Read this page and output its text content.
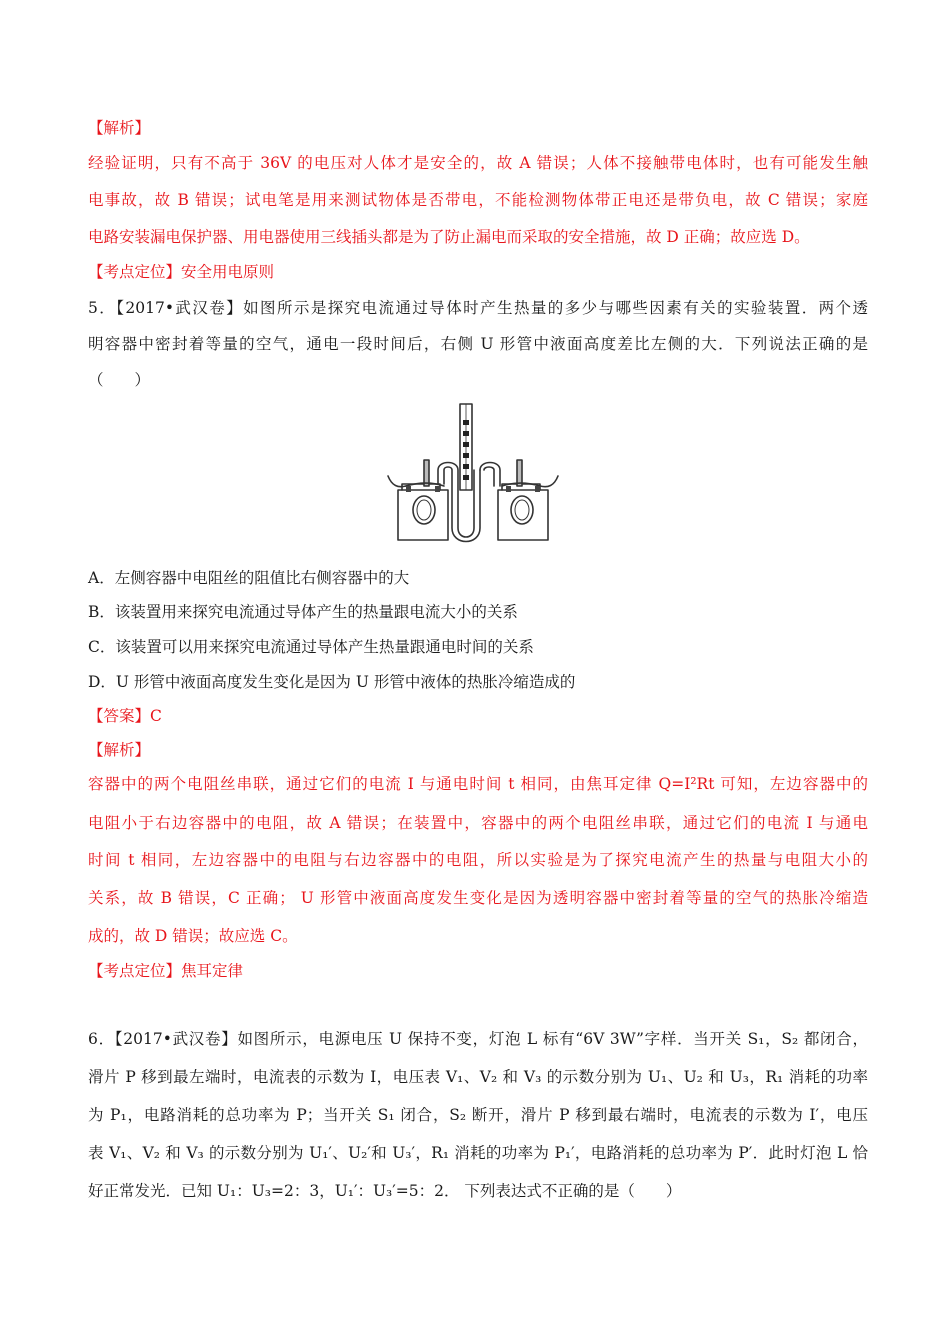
【解析】
经验证明，只有不高于 36V 的电压对人体才是安全的，故 A 错误；人体不接触带电体时，也有可能发生触
电事故，故 B 错误；试电笔是用来测试物体是否带电，不能检测物体带正电还是带负电，故 C 错误；家庭
电路安装漏电保护器、用电器使用三线插头都是为了防止漏电而采取的安全措施，故 D 正确；故应选 D。
【考点定位】安全用电原则
5．【2017•武汉卷】如图所示是探究电流通过导体时产生热量的多少与哪些因素有关的实验装置．两个透
明容器中密封着等量的空气，通电一段时间后，右侧 U 形管中液面高度差比左侧的大．下列说法正确的是
（　　）
A．左侧容器中电阻丝的阻值比右侧容器中的大
B．该装置用来探究电流通过导体产生的热量跟电流大小的关系
C．该装置可以用来探究电流通过导体产生热量跟通电时间的关系
D．U 形管中液面高度发生变化是因为 U 形管中液体的热胀冷缩造成的
【答案】C
【解析】
容器中的两个电阻丝串联，通过它们的电流 I 与通电时间 t 相同，由焦耳定律 Q=I²Rt 可知，左边容器中的
电阻小于右边容器中的电阻，故 A 错误；在装置中，容器中的两个电阻丝串联，通过它们的电流 I 与通电
时间 t 相同，左边容器中的电阻与右边容器中的电阻，所以实验是为了探究电流产生的热量与电阻大小的
关系，故 B 错误，C 正确； U 形管中液面高度发生变化是因为透明容器中密封着等量的空气的热胀冷缩造
成的，故 D 错误；故应选 C。
【考点定位】焦耳定律
6．【2017•武汉卷】如图所示，电源电压 U 保持不变，灯泡 L 标有“6V 3W”字样．当开关 S₁，S₂ 都闭合，
滑片 P 移到最左端时，电流表的示数为 I，电压表 V₁、V₂ 和 V₃ 的示数分别为 U₁、U₂ 和 U₃，R₁ 消耗的功率
为 P₁，电路消耗的总功率为 P；当开关 S₁ 闭合，S₂ 断开，滑片 P 移到最右端时，电流表的示数为 I′，电压
表 V₁、V₂ 和 V₃ 的示数分别为 U₁′、U₂′和 U₃′，R₁ 消耗的功率为 P₁′，电路消耗的总功率为 P′．此时灯泡 L 恰
好正常发光．已知 U₁：U₃=2：3，U₁′：U₃′=5：2． 下列表达式不正确的是（　　）
